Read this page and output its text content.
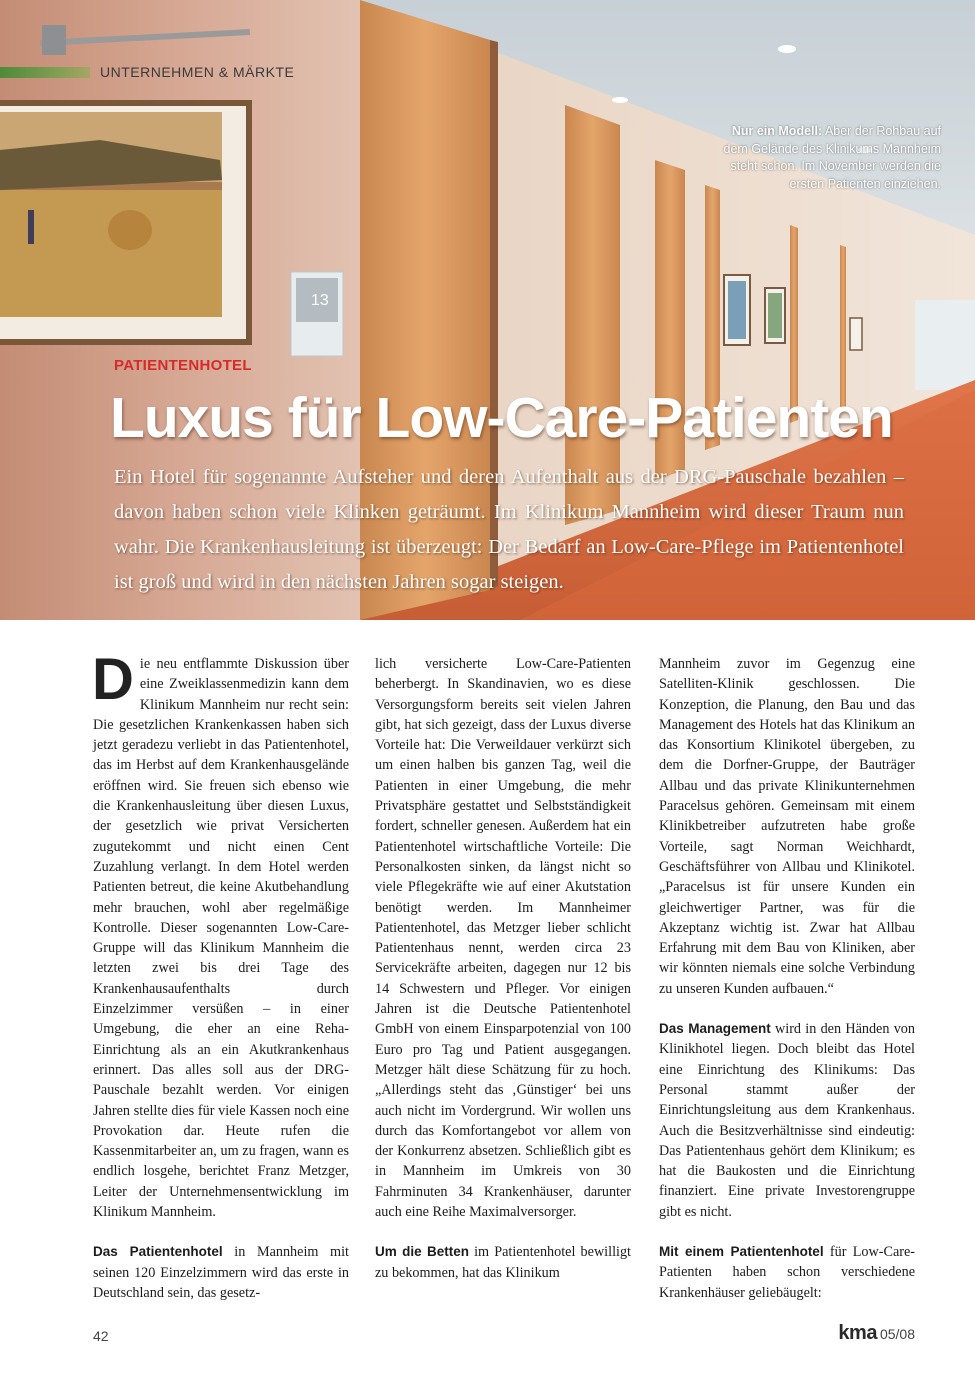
UNTERNEHMEN & MÄRKTE
13
Nur ein Modell: Aber der Rohbau auf dem Gelände des Klinikums Mannheim steht schon. Im November werden die ersten Patienten einziehen.
PATIENTENHOTEL
Luxus für Low-Care-Patienten
Ein Hotel für sogenannte Aufsteher und deren Aufenthalt aus der DRG-Pauschale bezahlen – davon haben schon viele Klinken geträumt. Im Klinikum Mannheim wird dieser Traum nun wahr. Die Krankenhausleitung ist überzeugt: Der Bedarf an Low-Care-Pflege im Patientenhotel ist groß und wird in den nächsten Jahren sogar steigen.

Die neu entflammte Diskussion über eine Zweiklassenmedizin kann dem Klinikum Mannheim nur recht sein: Die gesetzlichen Krankenkassen haben sich jetzt geradezu verliebt in das Patientenhotel, das im Herbst auf dem Krankenhausgelände eröffnen wird. Sie freuen sich ebenso wie die Krankenhausleitung über diesen Luxus, der gesetzlich wie privat Versicherten zugutekommt und nicht einen Cent Zuzahlung verlangt. In dem Hotel werden Patienten betreut, die keine Akutbehandlung mehr brauchen, wohl aber regelmäßige Kontrolle. Dieser sogenannten Low-Care-Gruppe will das Klinikum Mannheim die letzten zwei bis drei Tage des Krankenhausaufenthalts durch Einzelzimmer versüßen – in einer Umgebung, die eher an eine Reha-Einrichtung als an ein Akutkrankenhaus erinnert. Das alles soll aus der DRG-Pauschale bezahlt werden. Vor einigen Jahren stellte dies für viele Kassen noch eine Provokation dar. Heute rufen die Kassenmitarbeiter an, um zu fragen, wann es endlich losgehe, berichtet Franz Metzger, Leiter der Unternehmensentwicklung im Klinikum Mannheim.

Das Patientenhotel in Mannheim mit seinen 120 Einzelzimmern wird das erste in Deutschland sein, das gesetz-

lich versicherte Low-Care-Patienten beherbergt. In Skandinavien, wo es diese Versorgungsform bereits seit vielen Jahren gibt, hat sich gezeigt, dass der Luxus diverse Vorteile hat: Die Verweildauer verkürzt sich um einen halben bis ganzen Tag, weil die Patienten in einer Umgebung, die mehr Privatsphäre gestattet und Selbstständigkeit fordert, schneller genesen. Außerdem hat ein Patientenhotel wirtschaftliche Vorteile: Die Personalkosten sinken, da längst nicht so viele Pflegekräfte wie auf einer Akutstation benötigt werden. Im Mannheimer Patientenhotel, das Metzger lieber schlicht Patientenhaus nennt, werden circa 23 Servicekräfte arbeiten, dagegen nur 12 bis 14 Schwestern und Pfleger. Vor einigen Jahren ist die Deutsche Patientenhotel GmbH von einem Einsparpotenzial von 100 Euro pro Tag und Patient ausgegangen. Metzger hält diese Schätzung für zu hoch. „Allerdings steht das ‚Günstiger‘ bei uns auch nicht im Vordergrund. Wir wollen uns durch das Komfortangebot vor allem von der Konkurrenz absetzen. Schließlich gibt es in Mannheim im Umkreis von 30 Fahrminuten 34 Krankenhäuser, darunter auch eine Reihe Maximalversorger.

Um die Betten im Patientenhotel bewilligt zu bekommen, hat das Klinikum

Mannheim zuvor im Gegenzug eine Satelliten-Klinik geschlossen. Die Konzeption, die Planung, den Bau und das Management des Hotels hat das Klinikum an das Konsortium Klinikotel übergeben, zu dem die Dorfner-Gruppe, der Bauträger Allbau und das private Klinikunternehmen Paracelsus gehören. Gemeinsam mit einem Klinikbetreiber aufzutreten habe große Vorteile, sagt Norman Weichhardt, Geschäftsführer von Allbau und Klinikotel. „Paracelsus ist für unsere Kunden ein gleichwertiger Partner, was für die Akzeptanz wichtig ist. Zwar hat Allbau Erfahrung mit dem Bau von Kliniken, aber wir könnten niemals eine solche Verbindung zu unseren Kunden aufbauen.“

Das Management wird in den Händen von Klinikhotel liegen. Doch bleibt das Hotel eine Einrichtung des Klinikums: Das Personal stammt außer der Einrichtungsleitung aus dem Krankenhaus. Auch die Besitzverhältnisse sind eindeutig: Das Patientenhaus gehört dem Klinikum; es hat die Baukosten und die Einrichtung finanziert. Eine private Investorengruppe gibt es nicht.

Mit einem Patientenhotel für Low-Care-Patienten haben schon verschiedene Krankenhäuser geliebäugelt:

42	kma 05/08
